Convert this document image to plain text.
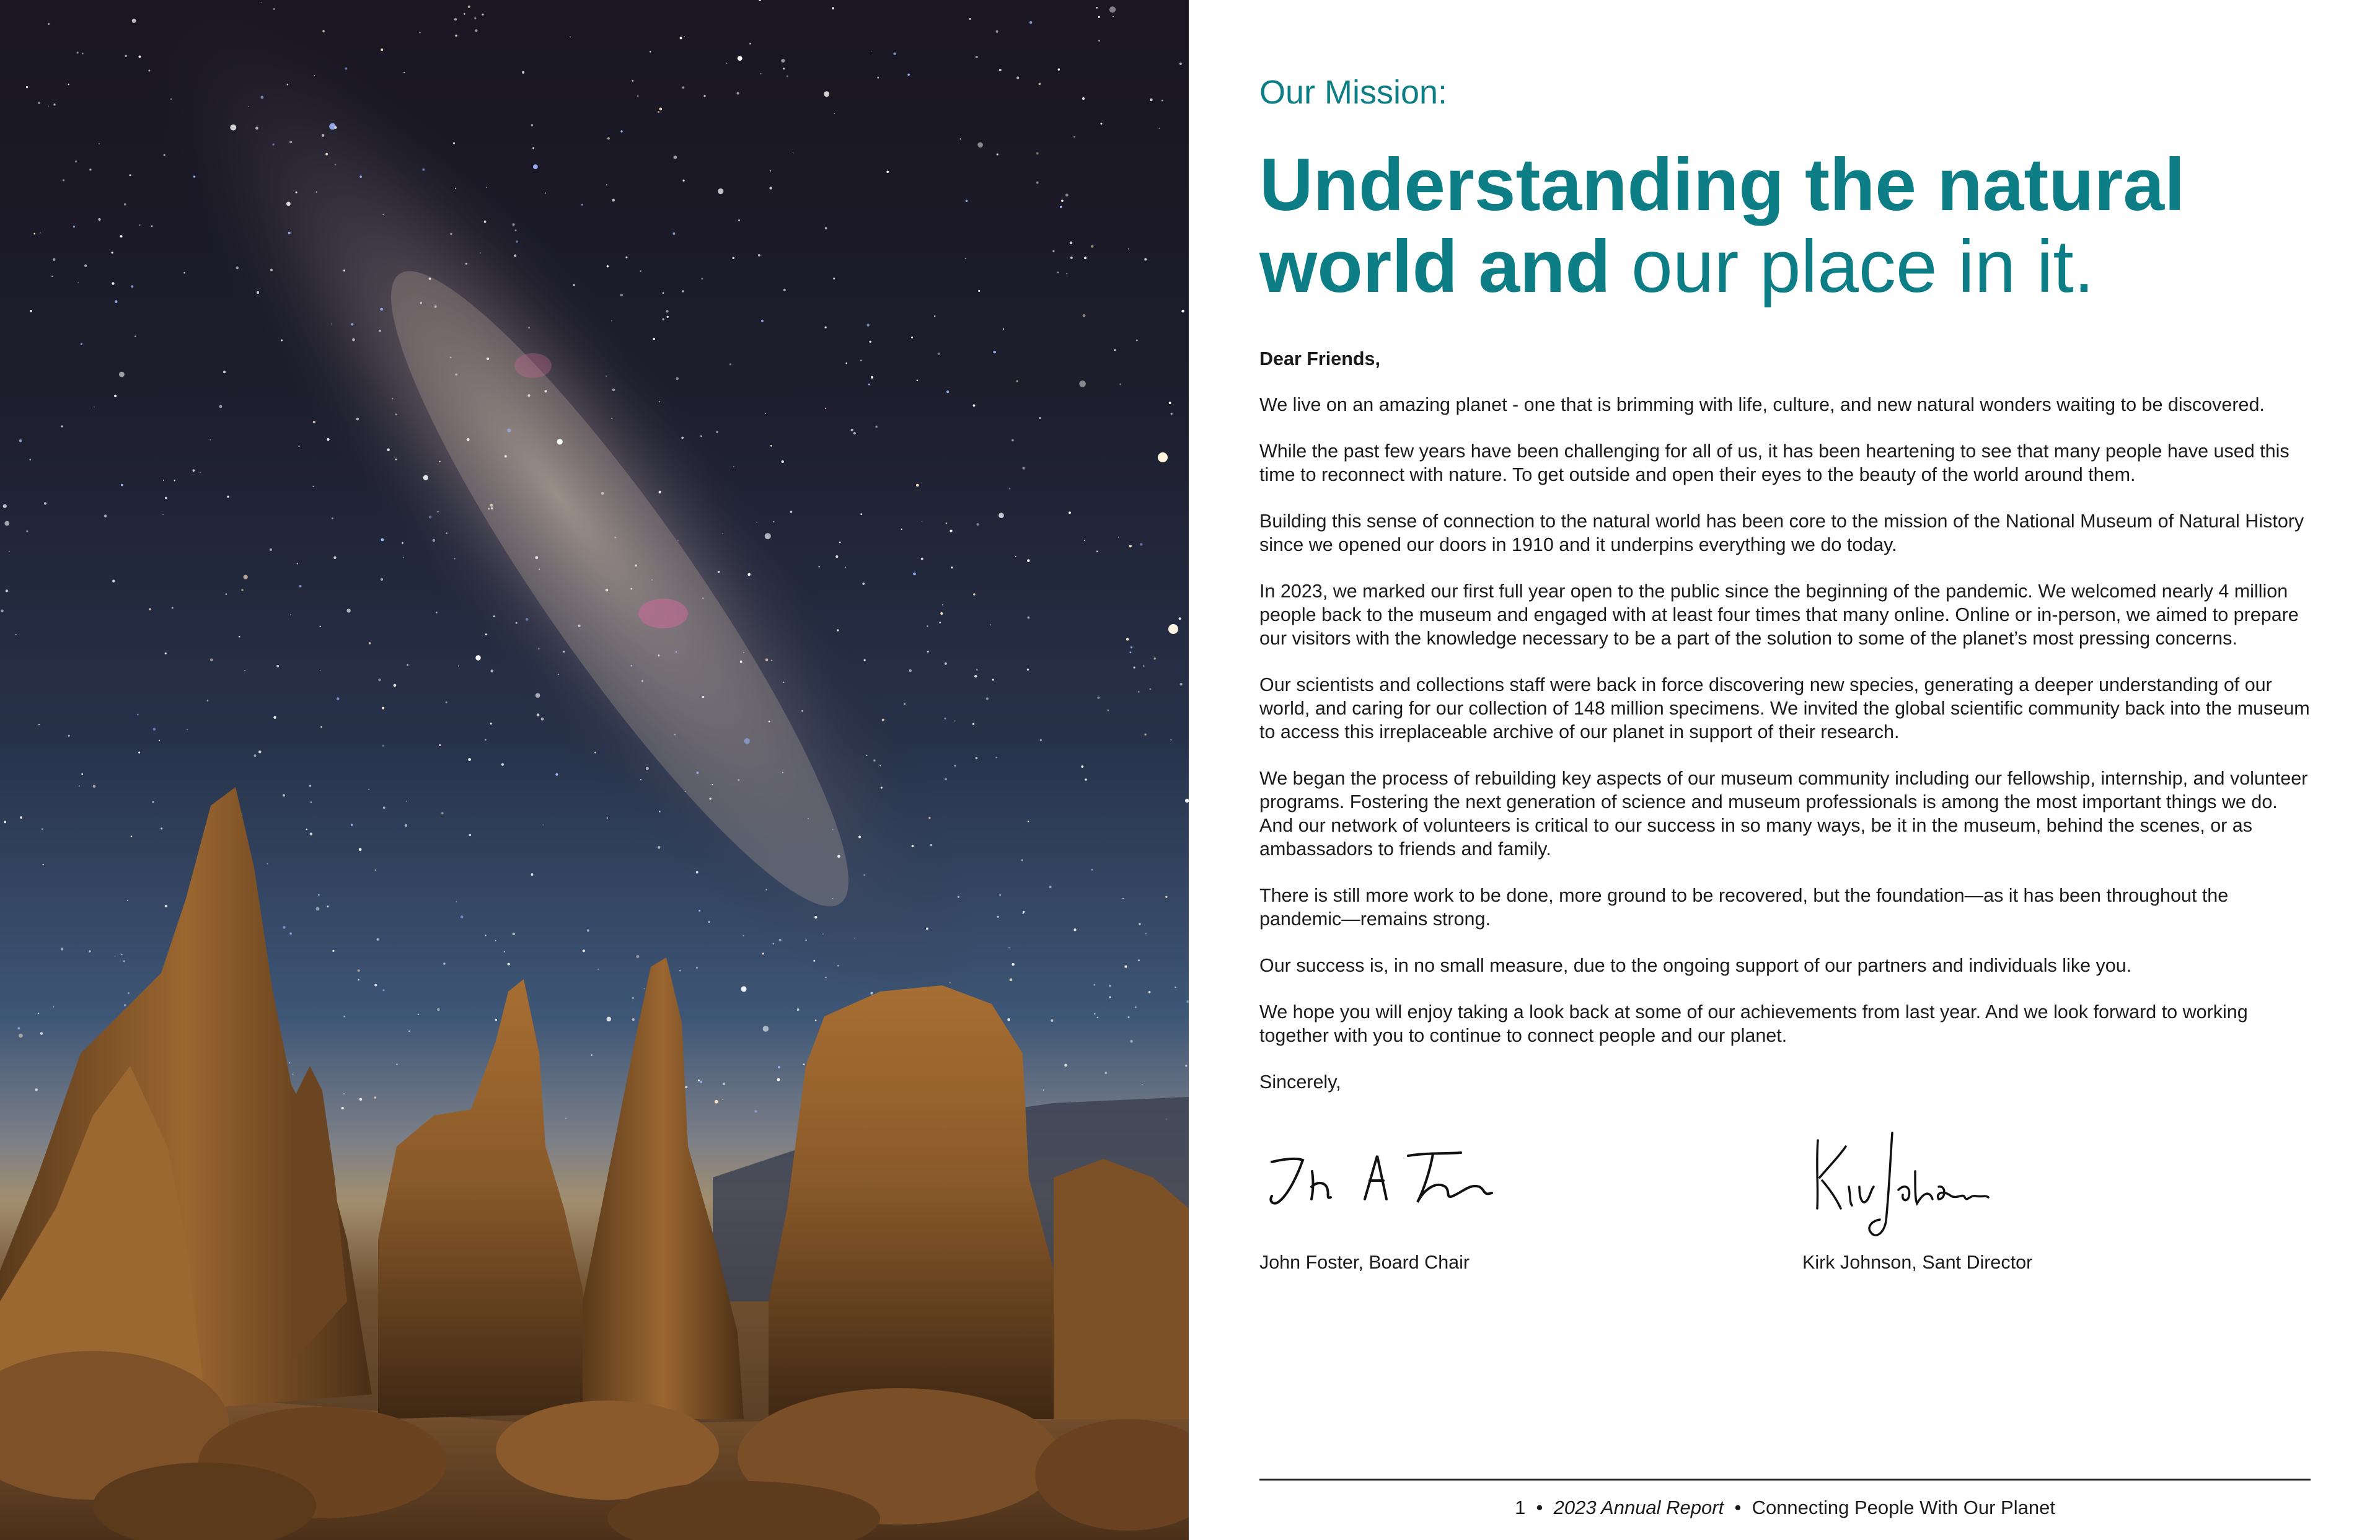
Our Mission:
Understanding the natural
world and our place in it.

Dear Friends,

We live on an amazing planet - one that is brimming with life, culture, and new natural wonders waiting to be discovered.

While the past few years have been challenging for all of us, it has been heartening to see that many people have used this time to reconnect with nature. To get outside and open their eyes to the beauty of the world around them.

Building this sense of connection to the natural world has been core to the mission of the National Museum of Natural History since we opened our doors in 1910 and it underpins everything we do today.

In 2023, we marked our first full year open to the public since the beginning of the pandemic. We welcomed nearly 4 million people back to the museum and engaged with at least four times that many online. Online or in-person, we aimed to prepare our visitors with the knowledge necessary to be a part of the solution to some of the planet’s most pressing concerns.

Our scientists and collections staff were back in force discovering new species, generating a deeper understanding of our world, and caring for our collection of 148 million specimens. We invited the global scientific community back into the museum to access this irreplaceable archive of our planet in support of their research.

We began the process of rebuilding key aspects of our museum community including our fellowship, internship, and volunteer programs. Fostering the next generation of science and museum professionals is among the most important things we do. And our network of volunteers is critical to our success in so many ways, be it in the museum, behind the scenes, or as ambassadors to friends and family.

There is still more work to be done, more ground to be recovered, but the foundation—as it has been throughout the pandemic—remains strong.

Our success is, in no small measure, due to the ongoing support of our partners and individuals like you.

We hope you will enjoy taking a look back at some of our achievements from last year. And we look forward to working together with you to continue to connect people and our planet.

Sincerely,

John Foster, Board Chair	Kirk Johnson, Sant Director
1 • 2023 Annual Report • Connecting People With Our Planet
